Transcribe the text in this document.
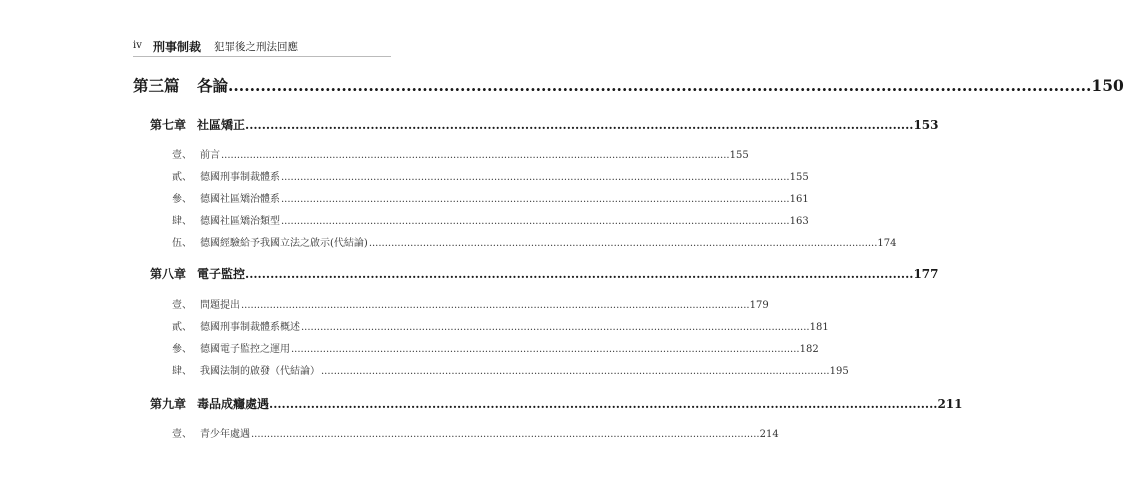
iv 刑事制裁 犯罪後之刑法回應
第三篇	各論 ................................................................................................................................................................ 150
第七章 社區矯正 ................................................................................................................................................................ 153
壹、 前言 ................................................................................................................................................................ 155
貳、 德國刑事制裁體系 ................................................................................................................................................................ 155
參、 德國社區矯治體系 ................................................................................................................................................................ 161
肆、 德國社區矯治類型 ................................................................................................................................................................ 163
伍、 德國經驗給予我國立法之啟示(代結論) ................................................................................................................................................................ 174
第八章 電子監控 ................................................................................................................................................................ 177
壹、 問題提出 ................................................................................................................................................................ 179
貳、 德國刑事制裁體系概述 ................................................................................................................................................................ 181
參、 德國電子監控之運用 ................................................................................................................................................................ 182
肆、 我國法制的啟發（代結論） ................................................................................................................................................................ 195
第九章 毒品成癮處遇 ................................................................................................................................................................ 211
壹、 青少年處遇 ................................................................................................................................................................ 214
